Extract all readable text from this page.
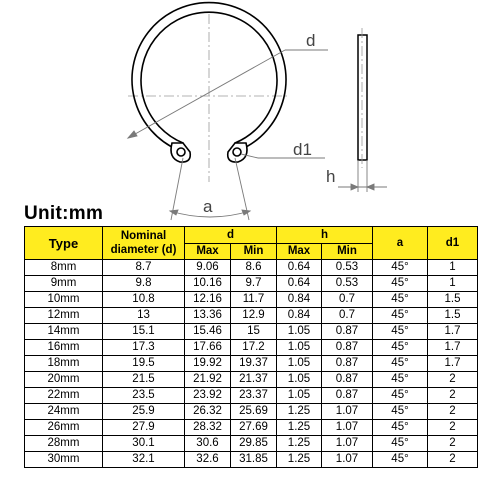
d
d1
a
h
Unit:mm
Type	Nominal
diameter (d)	d		h		a	d1
		Max	Min	Max	Min		
8mm	8.7	9.06	8.6	0.64	0.53	45°	1
9mm	9.8	10.16	9.7	0.64	0.53	45°	1
10mm	10.8	12.16	11.7	0.84	0.7	45°	1.5
12mm	13	13.36	12.9	0.84	0.7	45°	1.5
14mm	15.1	15.46	15	1.05	0.87	45°	1.7
16mm	17.3	17.66	17.2	1.05	0.87	45°	1.7
18mm	19.5	19.92	19.37	1.05	0.87	45°	1.7
20mm	21.5	21.92	21.37	1.05	0.87	45°	2
22mm	23.5	23.92	23.37	1.05	0.87	45°	2
24mm	25.9	26.32	25.69	1.25	1.07	45°	2
26mm	27.9	28.32	27.69	1.25	1.07	45°	2
28mm	30.1	30.6	29.85	1.25	1.07	45°	2
30mm	32.1	32.6	31.85	1.25	1.07	45°	2
